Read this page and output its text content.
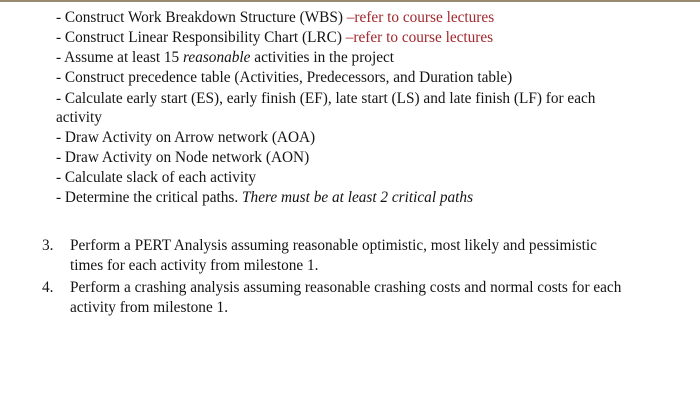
- Construct Work Breakdown Structure (WBS) –refer to course lectures
- Construct Linear Responsibility Chart (LRC) –refer to course lectures
- Assume at least 15 reasonable activities in the project
- Construct precedence table (Activities, Predecessors, and Duration table)
- Calculate early start (ES), early finish (EF), late start (LS) and late finish (LF) for each
activity
- Draw Activity on Arrow network (AOA)
- Draw Activity on Node network (AON)
- Calculate slack of each activity
- Determine the critical paths. There must be at least 2 critical paths
3. Perform a PERT Analysis assuming reasonable optimistic, most likely and pessimistic
times for each activity from milestone 1.
4. Perform a crashing analysis assuming reasonable crashing costs and normal costs for each
activity from milestone 1.
